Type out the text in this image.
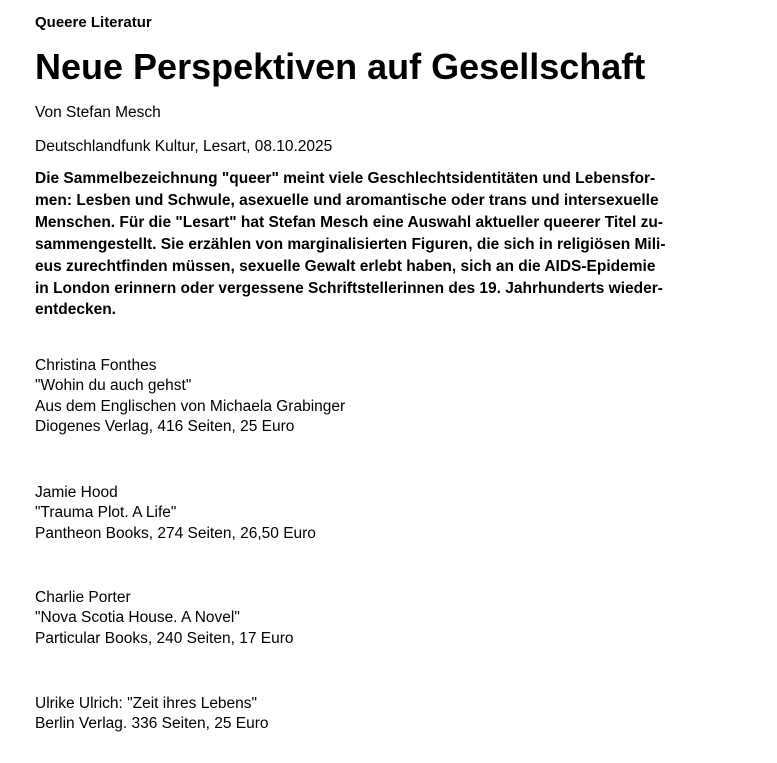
Queere Literatur
Neue Perspektiven auf Gesellschaft
Von Stefan Mesch
Deutschlandfunk Kultur, Lesart, 08.10.2025
Die Sammelbezeichnung "queer" meint viele Geschlechtsidentitäten und Lebensfor-
men: Lesben und Schwule, asexuelle und aromantische oder trans und intersexuelle
Menschen. Für die "Lesart" hat Stefan Mesch eine Auswahl aktueller queerer Titel zu-
sammengestellt. Sie erzählen von marginalisierten Figuren, die sich in religiösen Mili-
eus zurechtfinden müssen, sexuelle Gewalt erlebt haben, sich an die AIDS-Epidemie
in London erinnern oder vergessene Schriftstellerinnen des 19. Jahrhunderts wieder-
entdecken.
Christina Fonthes
"Wohin du auch gehst"
Aus dem Englischen von Michaela Grabinger
Diogenes Verlag, 416 Seiten, 25 Euro
Jamie Hood
"Trauma Plot. A Life"
Pantheon Books, 274 Seiten, 26,50 Euro
Charlie Porter
"Nova Scotia House. A Novel"
Particular Books, 240 Seiten, 17 Euro
Ulrike Ulrich: "Zeit ihres Lebens"
Berlin Verlag. 336 Seiten, 25 Euro
